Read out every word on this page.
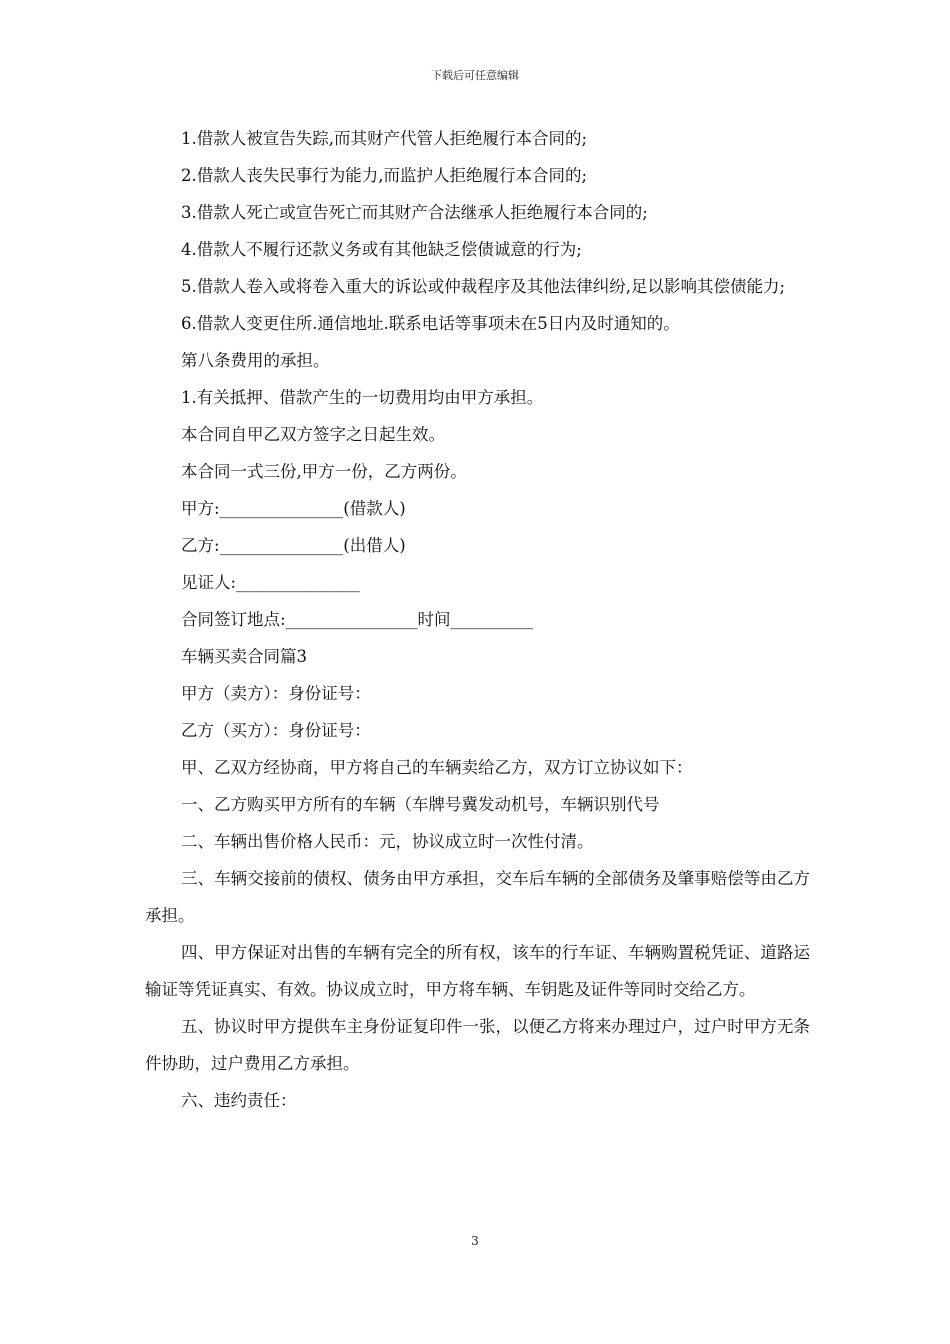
下载后可任意编辑
1.借款人被宣告失踪,而其财产代管人拒绝履行本合同的;
2.借款人丧失民事行为能力,而监护人拒绝履行本合同的;
3.借款人死亡或宣告死亡而其财产合法继承人拒绝履行本合同的;
4.借款人不履行还款义务或有其他缺乏偿债诚意的行为;
5.借款人卷入或将卷入重大的诉讼或仲裁程序及其他法律纠纷,足以影响其偿债能力;
6.借款人变更住所.通信地址.联系电话等事项未在5日内及时通知的。
第八条费用的承担。
1.有关抵押、借款产生的一切费用均由甲方承担。
本合同自甲乙双方签字之日起生效。
本合同一式三份,甲方一份，乙方两份。
甲方:_______________(借款人)
乙方:_______________(出借人)
见证人:_______________
合同签订地点:________________时间__________
车辆买卖合同篇3
甲方（卖方）：身份证号：
乙方（买方）：身份证号：
甲、乙双方经协商，甲方将自己的车辆卖给乙方，双方订立协议如下：
一、乙方购买甲方所有的车辆（车牌号冀发动机号，车辆识别代号
二、车辆出售价格人民币：元，协议成立时一次性付清。
三、车辆交接前的债权、债务由甲方承担，交车后车辆的全部债务及肇事赔偿等由乙方承担。
四、甲方保证对出售的车辆有完全的所有权，该车的行车证、车辆购置税凭证、道路运输证等凭证真实、有效。协议成立时，甲方将车辆、车钥匙及证件等同时交给乙方。
五、协议时甲方提供车主身份证复印件一张，以便乙方将来办理过户，过户时甲方无条件协助，过户费用乙方承担。
六、违约责任：
3
